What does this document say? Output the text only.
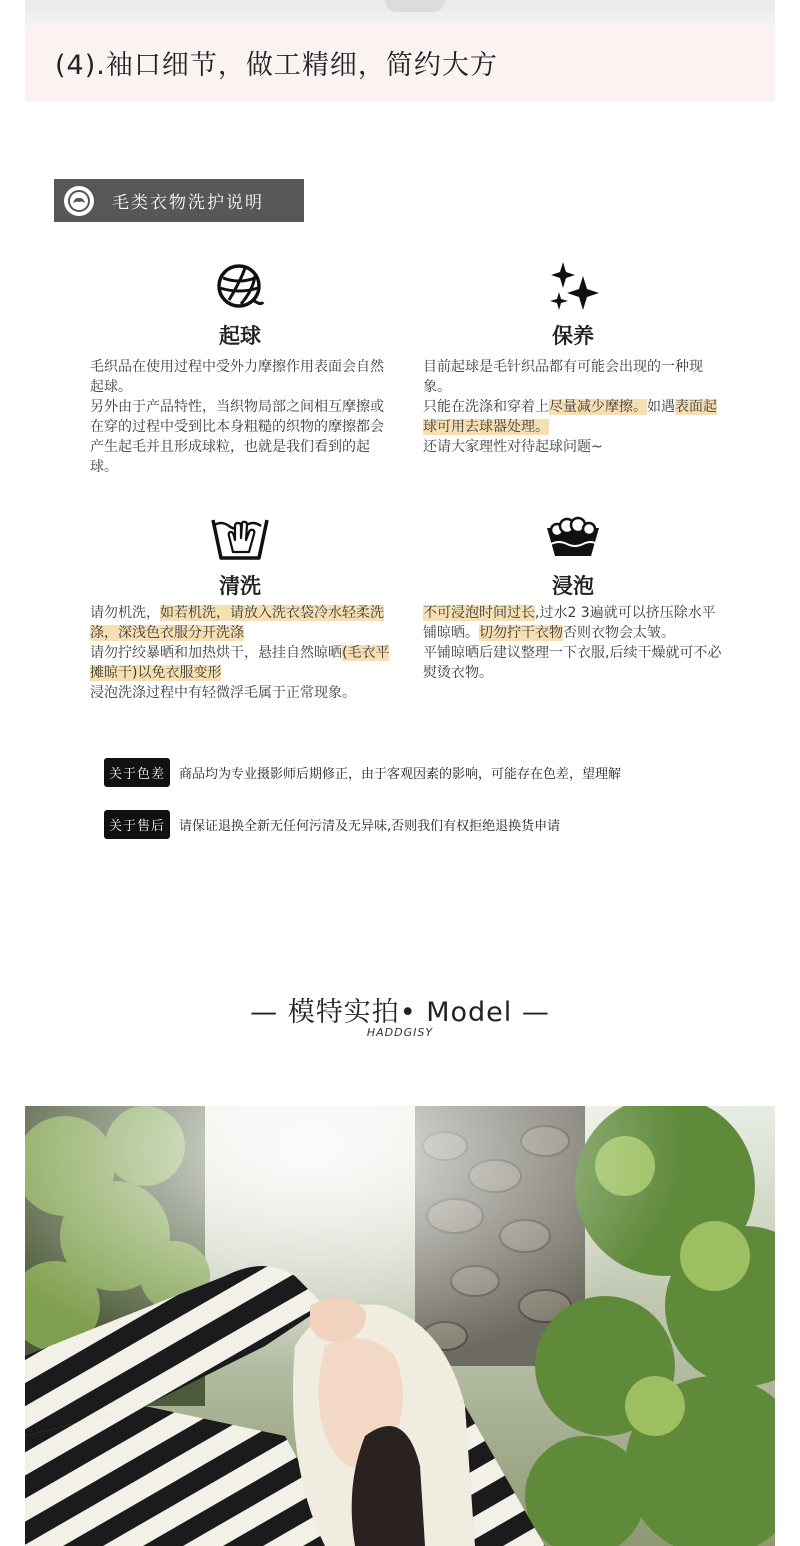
(4).袖口细节，做工精细，简约大方
毛类衣物洗护说明
起球

毛织品在使用过程中受外力摩擦作用表面会自然起球。

另外由于产品特性，当织物局部之间相互摩擦或在穿的过程中受到比本身粗糙的织物的摩擦都会产生起毛并且形成球粒，也就是我们看到的起球。

保养

目前起球是毛针织品都有可能会出现的一种现象。

只能在洗涤和穿着上尽量减少摩擦。如遇表面起球可用去球器处理。

还请大家理性对待起球问题~

清洗

请勿机洗，如若机洗，请放入洗衣袋冷水轻柔洗涤，深浅色衣服分开洗涤

请勿拧绞暴晒和加热烘干，悬挂自然晾晒(毛衣平摊晾干)以免衣服变形

浸泡洗涤过程中有轻微浮毛属于正常现象。

浸泡

不可浸泡时间过长,过水2 3遍就可以挤压除水平铺晾晒。切勿拧干衣物否则衣物会太皱。

平铺晾晒后建议整理一下衣服,后续干燥就可不必熨烫衣物。

关于色差	商品均为专业摄影师后期修正，由于客观因素的影响，可能存在色差，望理解
关于售后	请保证退换全新无任何污清及无异味,否则我们有权拒绝退换货申请
— 模特实拍• Model —
HADDGISY
